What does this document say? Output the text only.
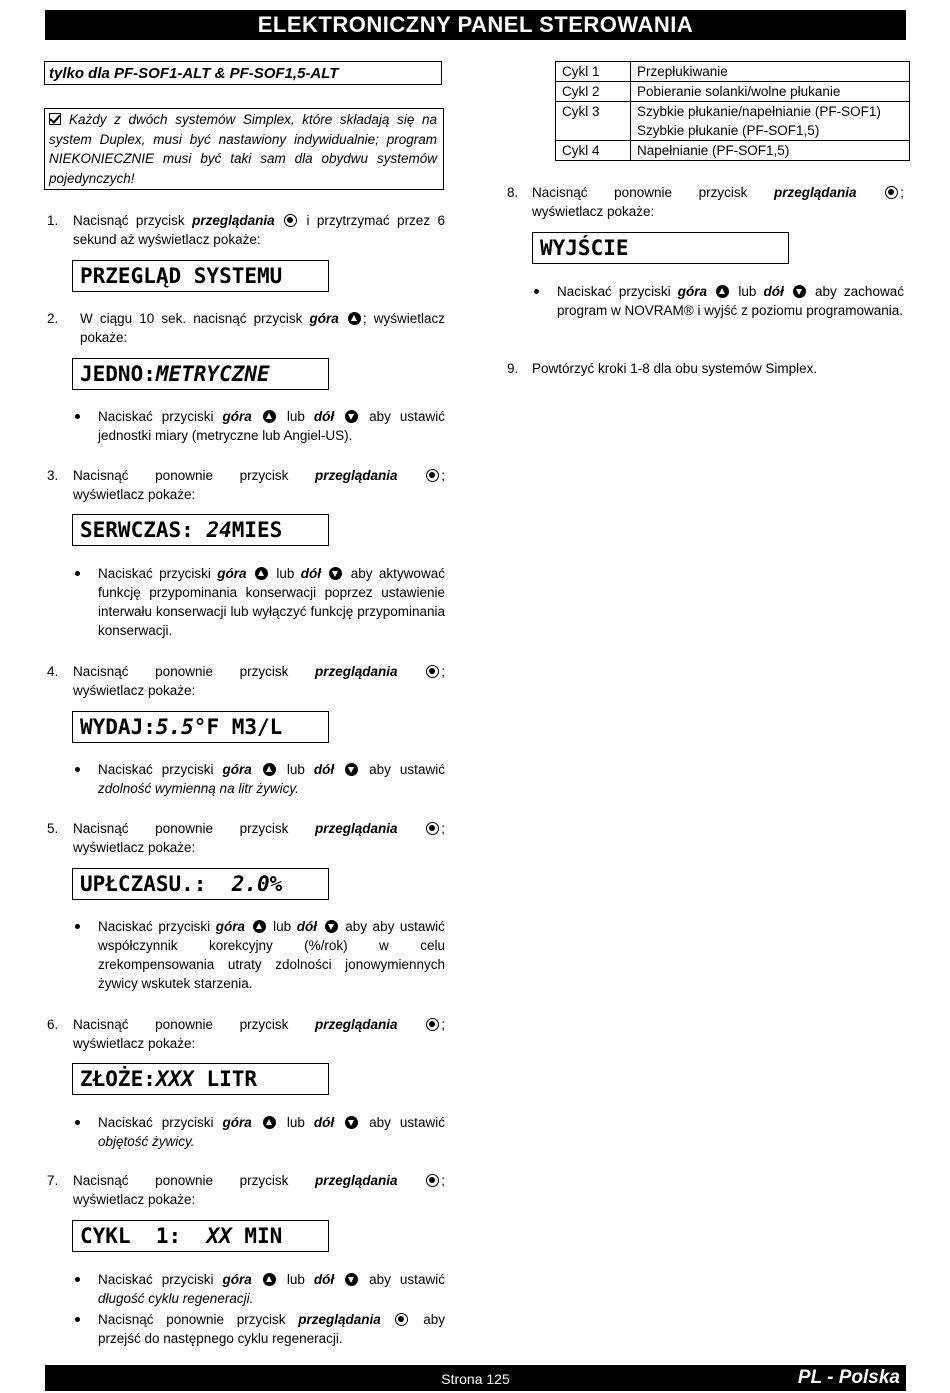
ELEKTRONICZNY PANEL STEROWANIA
tylko dla PF-SOF1-ALT & PF-SOF1,5-ALT
Każdy z dwóch systemów Simplex, które składają się na system Duplex, musi być nastawiony indywidualnie; program NIEKONIECZNIE musi być taki sam dla obydwu systemów pojedynczych!
1.	Nacisnąć przycisk przeglądania i przytrzymać przez 6 sekund aż wyświetlacz pokaże:
PRZEGLĄD SYSTEMU
2.	W ciągu 10 sek. nacisnąć przycisk góra ; wyświetlacz pokaże:
JEDNO:METRYCZNE
Naciskać przyciski góra	lub dół	aby ustawić jednostki miary (metryczne lub Angiel-US).
3.	Nacisnąć ponownie przycisk przeglądania	;
wyświetlacz pokaże:
SERWCZAS: 24MIES
Naciskać przyciski góra lub dół aby aktywować funkcję przypominania konserwacji poprzez ustawienie interwału konserwacji lub wyłączyć funkcję przypominania konserwacji.
4.	Nacisnąć ponownie przycisk przeglądania	;
wyświetlacz pokaże:
WYDAJ:5.5°F M3/L
Naciskać przyciski góra	lub dół	aby ustawić zdolność wymienną na litr żywicy.
5.	Nacisnąć ponownie przycisk przeglądania	;
wyświetlacz pokaże:
UPŁCZASU.:  2.0%
Naciskać przyciski góra lub dół aby aby ustawić współczynnik korekcyjny (%/rok) w celu zrekompensowania utraty zdolności jonowymiennych żywicy wskutek starzenia.
6.	Nacisnąć ponownie przycisk przeglądania	;
wyświetlacz pokaże:
ZŁOŻE:XXX LITR
Naciskać przyciski góra	lub dół	aby ustawić objętość żywicy.
7.	Nacisnąć ponownie przycisk przeglądania	;
wyświetlacz pokaże:
CYKL  1:  XX MIN
Naciskać przyciski góra	lub dół	aby ustawić długość cyklu regeneracji.
Nacisnąć ponownie przycisk przeglądania	aby przejść do następnego cyklu regeneracji.
Cykl 1	Przepłukiwanie
Cykl 2	Pobieranie solanki/wolne płukanie
Cykl 3	Szybkie płukanie/napełnianie (PF-SOF1)
Szybkie płukanie (PF-SOF1,5)

Cykl 4	Napełnianie (PF-SOF1,5)
8.	Nacisnąć ponownie przycisk przeglądania	;
wyświetlacz pokaże:
WYJŚCIE
Naciskać przyciski góra lub dół aby zachować program w NOVRAM® i wyjść z poziomu programowania.
9.	Powtórzyć kroki 1-8 dla obu systemów Simplex.
Strona 125	PL - Polska
